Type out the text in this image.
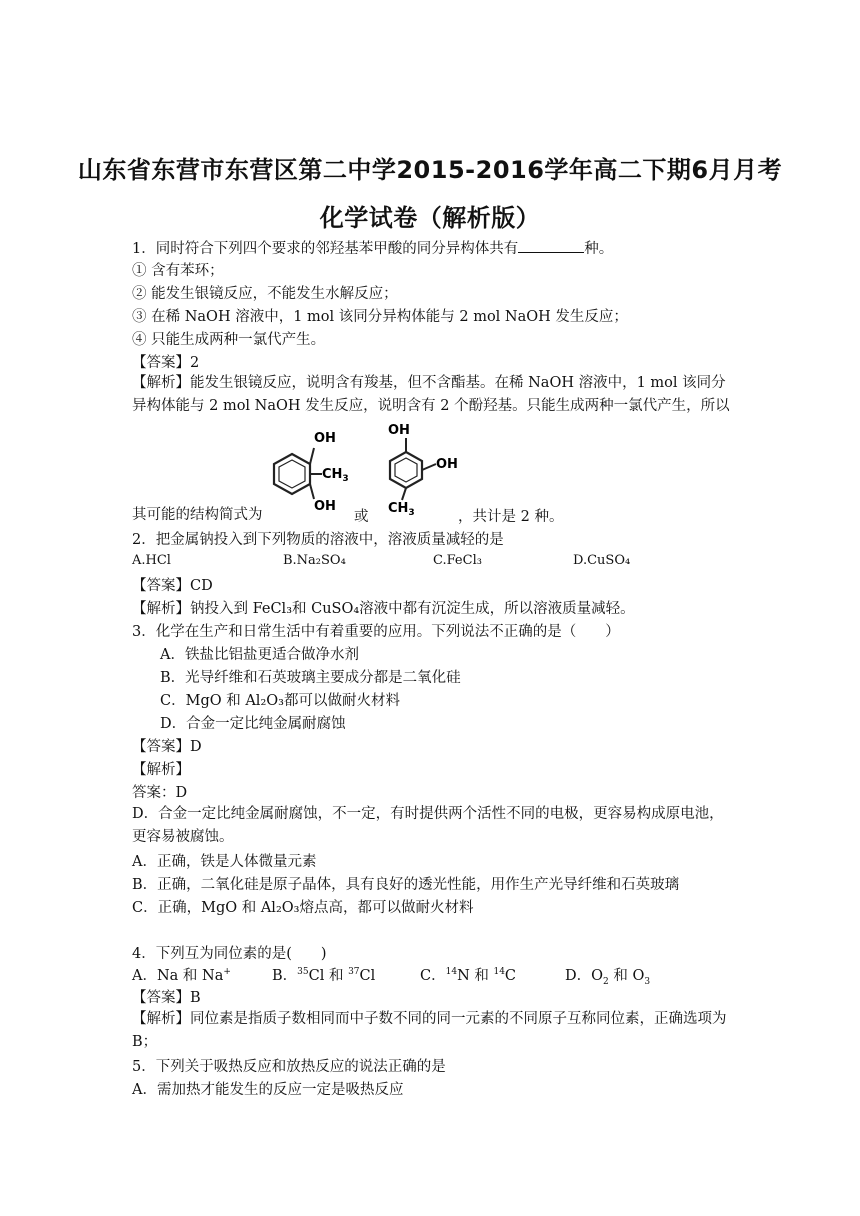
山东省东营市东营区第二中学2015-2016学年高二下期6月月考
化学试卷（解析版）
1．同时符合下列四个要求的邻羟基苯甲酸的同分异构体共有	种。
① 含有苯环；
② 能发生银镜反应，不能发生水解反应；
③ 在稀 NaOH 溶液中，1 mol 该同分异构体能与 2 mol NaOH 发生反应；
④ 只能生成两种一氯代产生。
【答案】2
【解析】能发生银镜反应，说明含有羧基，但不含酯基。在稀 NaOH 溶液中，1 mol 该同分异构体能与 2 mol NaOH 发生反应，说明含有 2 个酚羟基。只能生成两种一氯代产生，所以
OH
$CH_3$
OH
OH
OH
$CH_3$
其可能的结构简式为	或	，共计是 2 种。
2．把金属钠投入到下列物质的溶液中，溶液质量减轻的是
A.HCl	B.Na₂SO₄	C.FeCl₃	D.CuSO₄
【答案】CD
【解析】钠投入到 FeCl₃和 CuSO₄溶液中都有沉淀生成，所以溶液质量减轻。
3．化学在生产和日常生活中有着重要的应用。下列说法不正确的是（　　）
A．铁盐比铝盐更适合做净水剂
B．光导纤维和石英玻璃主要成分都是二氧化硅
C．MgO 和 Al₂O₃都可以做耐火材料
D．合金一定比纯金属耐腐蚀
【答案】D
【解析】
答案：D
D．合金一定比纯金属耐腐蚀，不一定，有时提供两个活性不同的电极，更容易构成原电池，更容易被腐蚀。
A．正确，铁是人体微量元素
B．正确，二氧化硅是原子晶体，具有良好的透光性能，用作生产光导纤维和石英玻璃
C．正确，MgO 和 Al₂O₃熔点高，都可以做耐火材料
4．下列互为同位素的是(　　)
A．Na 和 Na+	B．$^{35}$Cl 和 $^{37}$Cl	C．$^{14}$N 和 $^{14}$C	D．$O_2$ 和 $O_3$
【答案】B
【解析】同位素是指质子数相同而中子数不同的同一元素的不同原子互称同位素，正确选项为 B；
5．下列关于吸热反应和放热反应的说法正确的是
A．需加热才能发生的反应一定是吸热反应
